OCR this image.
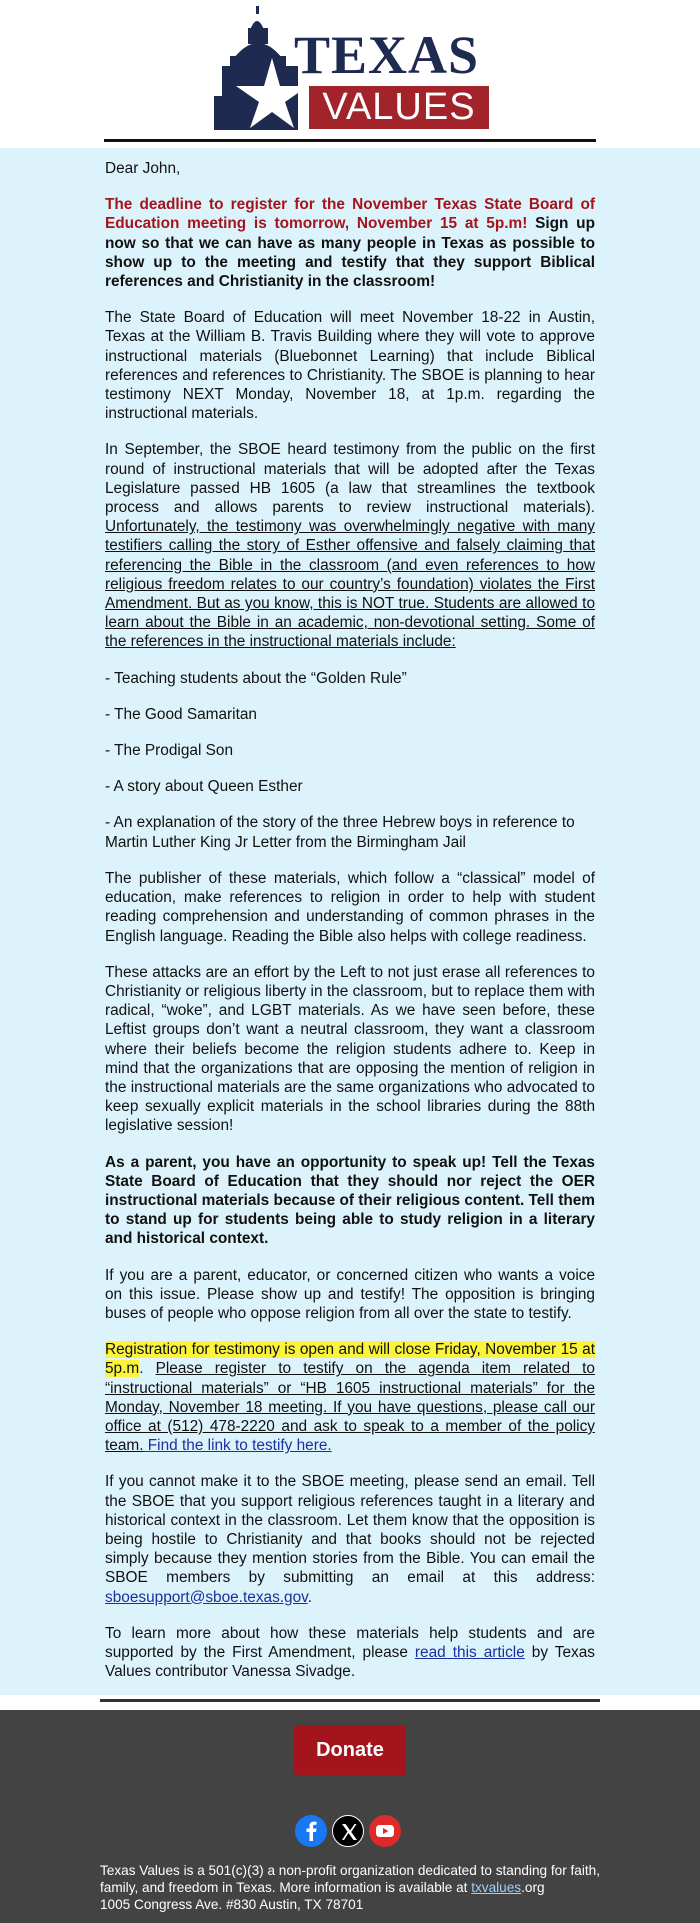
TEXAS
VALUES

Dear John,

The deadline to register for the November Texas State Board of Education meeting is tomorrow, November 15 at 5p.m! Sign up now so that we can have as many people in Texas as possible to show up to the meeting and testify that they support Biblical references and Christianity in the classroom!

The State Board of Education will meet November 18-22 in Austin, Texas at the William B. Travis Building where they will vote to approve instructional materials (Bluebonnet Learning) that include Biblical references and references to Christianity. The SBOE is planning to hear testimony NEXT Monday, November 18, at 1p.m. regarding the instructional materials.

In September, the SBOE heard testimony from the public on the first round of instructional materials that will be adopted after the Texas Legislature passed HB 1605 (a law that streamlines the textbook process and allows parents to review instructional materials). Unfortunately, the testimony was overwhelmingly negative with many testifiers calling the story of Esther offensive and falsely claiming that referencing the Bible in the classroom (and even references to how religious freedom relates to our country’s foundation) violates the First Amendment. But as you know, this is NOT true. Students are allowed to learn about the Bible in an academic, non-devotional setting. Some of the references in the instructional materials include:

- Teaching students about the “Golden Rule”

- The Good Samaritan

- The Prodigal Son

- A story about Queen Esther

- An explanation of the story of the three Hebrew boys in reference to Martin Luther King Jr Letter from the Birmingham Jail

The publisher of these materials, which follow a “classical” model of education, make references to religion in order to help with student reading comprehension and understanding of common phrases in the English language. Reading the Bible also helps with college readiness.

These attacks are an effort by the Left to not just erase all references to Christianity or religious liberty in the classroom, but to replace them with radical, “woke”, and LGBT materials. As we have seen before, these Leftist groups don’t want a neutral classroom, they want a classroom where their beliefs become the religion students adhere to. Keep in mind that the organizations that are opposing the mention of religion in the instructional materials are the same organizations who advocated to keep sexually explicit materials in the school libraries during the 88th legislative session!

As a parent, you have an opportunity to speak up! Tell the Texas State Board of Education that they should nor reject the OER instructional materials because of their religious content. Tell them to stand up for students being able to study religion in a literary and historical context.

If you are a parent, educator, or concerned citizen who wants a voice on this issue. Please show up and testify! The opposition is bringing buses of people who oppose religion from all over the state to testify.

Registration for testimony is open and will close Friday, November 15 at 5p.m. Please register to testify on the agenda item related to “instructional materials” or “HB 1605 instructional materials” for the Monday, November 18 meeting. If you have questions, please call our office at (512) 478-2220 and ask to speak to a member of the policy team. Find the link to testify here.

If you cannot make it to the SBOE meeting, please send an email. Tell the SBOE that you support religious references taught in a literary and historical context in the classroom. Let them know that the opposition is being hostile to Christianity and that books should not be rejected simply because they mention stories from the Bible. You can email the SBOE members by submitting an email at this address: sboesupport@sboe.texas.gov.

To learn more about how these materials help students and are supported by the First Amendment, please read this article by Texas Values contributor Vanessa Sivadge.

Donate
Texas Values is a 501(c)(3) a non-profit organization dedicated to standing for faith, family, and freedom in Texas. More information is available at txvalues.org
1005 Congress Ave. #830 Austin, TX 78701
